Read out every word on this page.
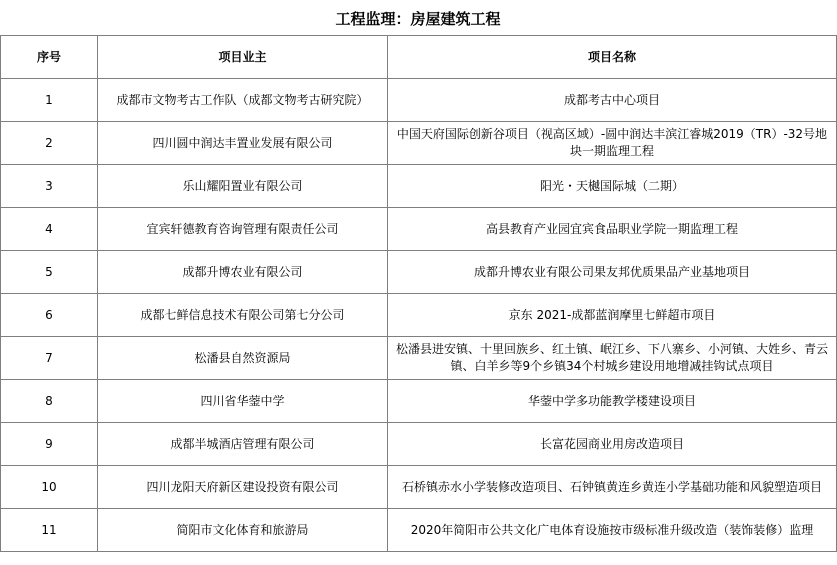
工程监理：房屋建筑工程
序号	项目业主	项目名称
1	成都市文物考古工作队（成都文物考古研究院）	成都考古中心项目
2	四川圆中润达丰置业发展有限公司	中国天府国际创新谷项目（视高区域）-圆中润达丰滨江睿城2019（TR）-32号地块一期监理工程
3	乐山耀阳置业有限公司	阳光・天樾国际城（二期）
4	宜宾轩德教育咨询管理有限责任公司	高县教育产业园宜宾食品职业学院一期监理工程
5	成都升博农业有限公司	成都升博农业有限公司果友邦优质果品产业基地项目
6	成都七鲜信息技术有限公司第七分公司	京东 2021-成都蓝润摩里七鲜超市项目
7	松潘县自然资源局	松潘县进安镇、十里回族乡、红土镇、岷江乡、下八寨乡、小河镇、大姓乡、青云镇、白羊乡等9个乡镇34个村城乡建设用地增减挂钩试点项目
8	四川省华蓥中学	华蓥中学多功能教学楼建设项目
9	成都半城酒店管理有限公司	长富花园商业用房改造项目
10	四川龙阳天府新区建设投资有限公司	石桥镇赤水小学装修改造项目、石钟镇黄连乡黄连小学基础功能和风貌塑造项目
11	简阳市文化体育和旅游局	2020年简阳市公共文化广电体育设施按市级标准升级改造（装饰装修）监理
